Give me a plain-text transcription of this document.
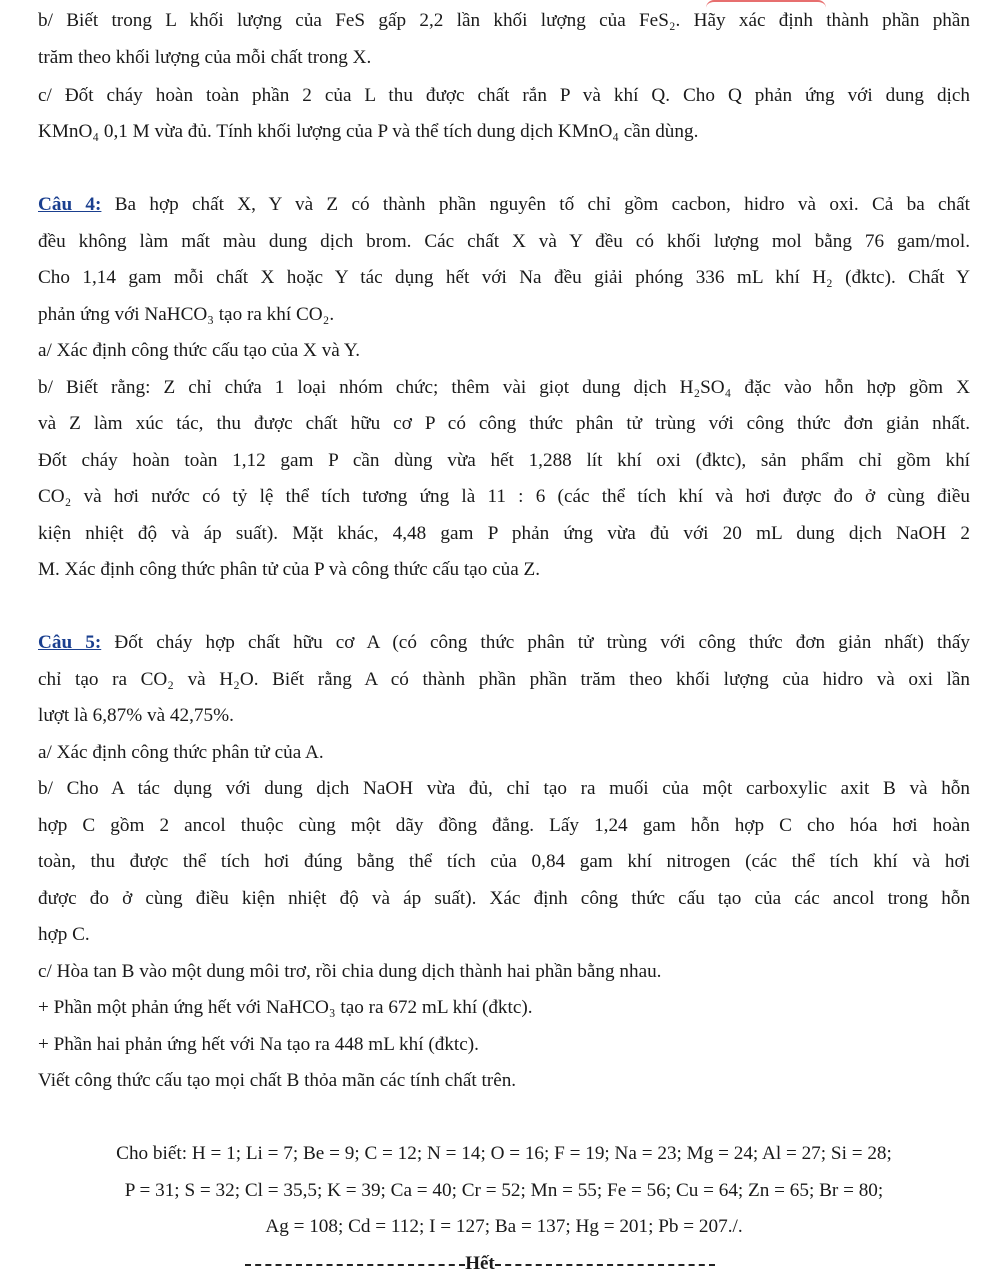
b/ Biết trong L khối lượng của FeS gấp 2,2 lần khối lượng của FeS₂. Hãy xác định thành phần phần
trăm theo khối lượng của mỗi chất trong X.
c/ Đốt cháy hoàn toàn phần 2 của L thu được chất rắn P và khí Q. Cho Q phản ứng với dung dịch
KMnO₄ 0,1 M vừa đủ. Tính khối lượng của P và thể tích dung dịch KMnO₄ cần dùng.
Câu 4: Ba hợp chất X, Y và Z có thành phần nguyên tố chỉ gồm cacbon, hidro và oxi. Cả ba chất
đều không làm mất màu dung dịch brom. Các chất X và Y đều có khối lượng mol bằng 76 gam/mol.
Cho 1,14 gam mỗi chất X hoặc Y tác dụng hết với Na đều giải phóng 336 mL khí H₂ (đktc). Chất Y
phản ứng với NaHCO₃ tạo ra khí CO₂.
a/ Xác định công thức cấu tạo của X và Y.
b/ Biết rằng: Z chỉ chứa 1 loại nhóm chức; thêm vài giọt dung dịch H₂SO₄ đặc vào hỗn hợp gồm X
và Z làm xúc tác, thu được chất hữu cơ P có công thức phân tử trùng với công thức đơn giản nhất.
Đốt cháy hoàn toàn 1,12 gam P cần dùng vừa hết 1,288 lít khí oxi (đktc), sản phẩm chỉ gồm khí
CO₂ và hơi nước có tỷ lệ thể tích tương ứng là 11 : 6 (các thể tích khí và hơi được đo ở cùng điều
kiện nhiệt độ và áp suất). Mặt khác, 4,48 gam P phản ứng vừa đủ với 20 mL dung dịch NaOH 2
M. Xác định công thức phân tử của P và công thức cấu tạo của Z.
Câu 5: Đốt cháy hợp chất hữu cơ A (có công thức phân tử trùng với công thức đơn giản nhất) thấy
chỉ tạo ra CO₂ và H₂O. Biết rằng A có thành phần phần trăm theo khối lượng của hidro và oxi lần
lượt là 6,87% và 42,75%.
a/ Xác định công thức phân tử của A.
b/ Cho A tác dụng với dung dịch NaOH vừa đủ, chỉ tạo ra muối của một carboxylic axit B và hỗn
hợp C gồm 2 ancol thuộc cùng một dãy đồng đẳng. Lấy 1,24 gam hỗn hợp C cho hóa hơi hoàn
toàn, thu được thể tích hơi đúng bằng thể tích của 0,84 gam khí nitrogen (các thể tích khí và hơi
được đo ở cùng điều kiện nhiệt độ và áp suất). Xác định công thức cấu tạo của các ancol trong hỗn
hợp C.
c/ Hòa tan B vào một dung môi trơ, rồi chia dung dịch thành hai phần bằng nhau.
+ Phần một phản ứng hết với NaHCO₃ tạo ra 672 mL khí (đktc).
+ Phần hai phản ứng hết với Na tạo ra 448 mL khí (đktc).
Viết công thức cấu tạo mọi chất B thỏa mãn các tính chất trên.
Cho biết: H = 1; Li = 7; Be = 9; C = 12; N = 14; O = 16; F = 19; Na = 23; Mg = 24; Al = 27; Si = 28;
P = 31; S = 32; Cl = 35,5; K = 39; Ca = 40; Cr = 52; Mn = 55; Fe = 56; Cu = 64; Zn = 65; Br = 80;
Ag = 108; Cd = 112; I = 127; Ba = 137; Hg = 201; Pb = 207./.
Hết
